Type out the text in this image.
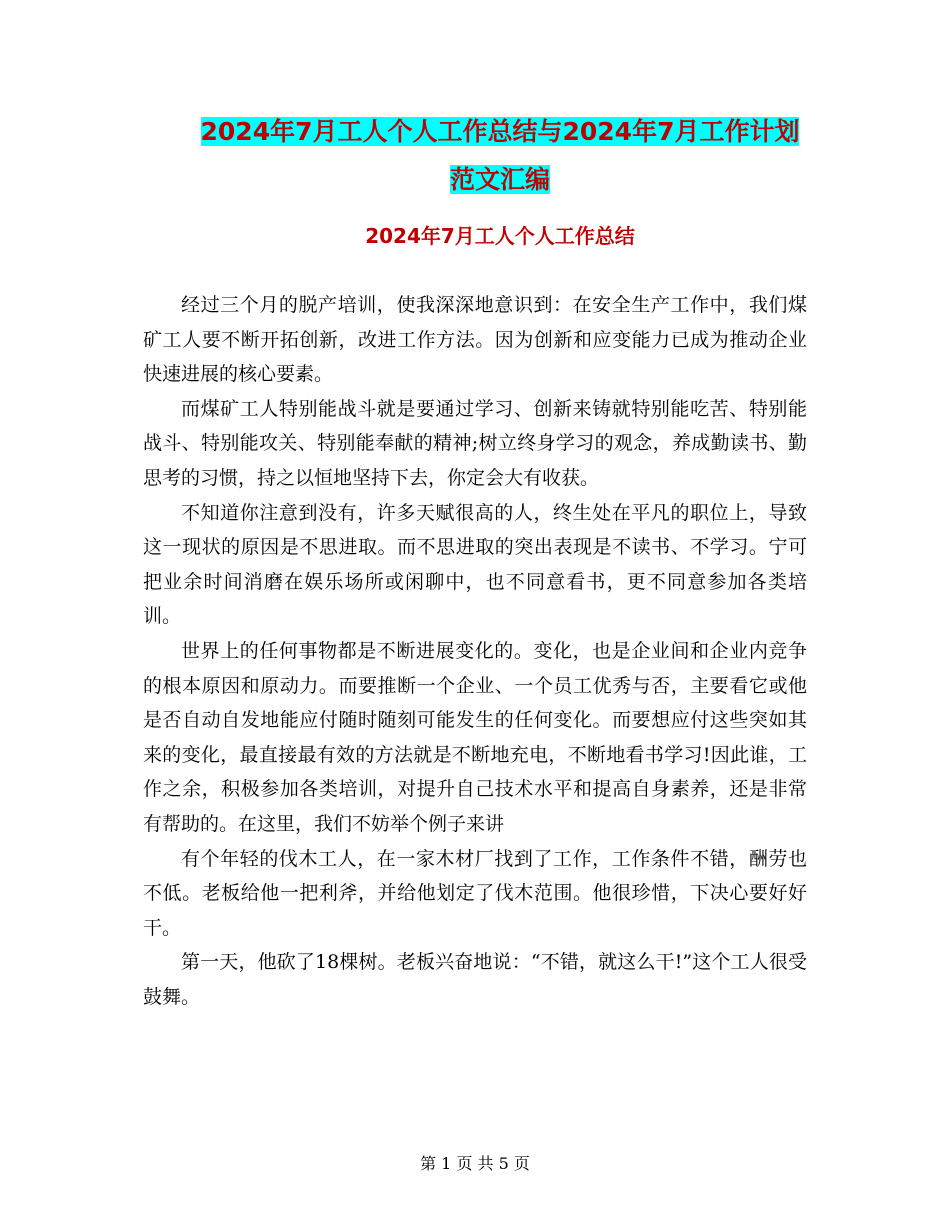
2024年7月工人个人工作总结与2024年7月工作计划
范文汇编
2024年7月工人个人工作总结

经过三个月的脱产培训，使我深深地意识到：在安全生产工作中，我们煤矿工人要不断开拓创新，改进工作方法。因为创新和应变能力已成为推动企业快速进展的核心要素。

而煤矿工人特别能战斗就是要通过学习、创新来铸就特别能吃苦、特别能战斗、特别能攻关、特别能奉献的精神;树立终身学习的观念，养成勤读书、勤思考的习惯，持之以恒地坚持下去，你定会大有收获。

不知道你注意到没有，许多天赋很高的人，终生处在平凡的职位上，导致这一现状的原因是不思进取。而不思进取的突出表现是不读书、不学习。宁可把业余时间消磨在娱乐场所或闲聊中，也不同意看书，更不同意参加各类培训。

世界上的任何事物都是不断进展变化的。变化，也是企业间和企业内竞争的根本原因和原动力。而要推断一个企业、一个员工优秀与否，主要看它或他是否自动自发地能应付随时随刻可能发生的任何变化。而要想应付这些突如其来的变化，最直接最有效的方法就是不断地充电，不断地看书学习!因此谁，工作之余，积极参加各类培训，对提升自己技术水平和提高自身素养，还是非常有帮助的。在这里，我们不妨举个例子来讲

有个年轻的伐木工人，在一家木材厂找到了工作，工作条件不错，酬劳也不低。老板给他一把利斧，并给他划定了伐木范围。他很珍惜，下决心要好好干。

第一天，他砍了18棵树。老板兴奋地说：“不错，就这么干!”这个工人很受鼓舞。

第 1 页 共 5 页
